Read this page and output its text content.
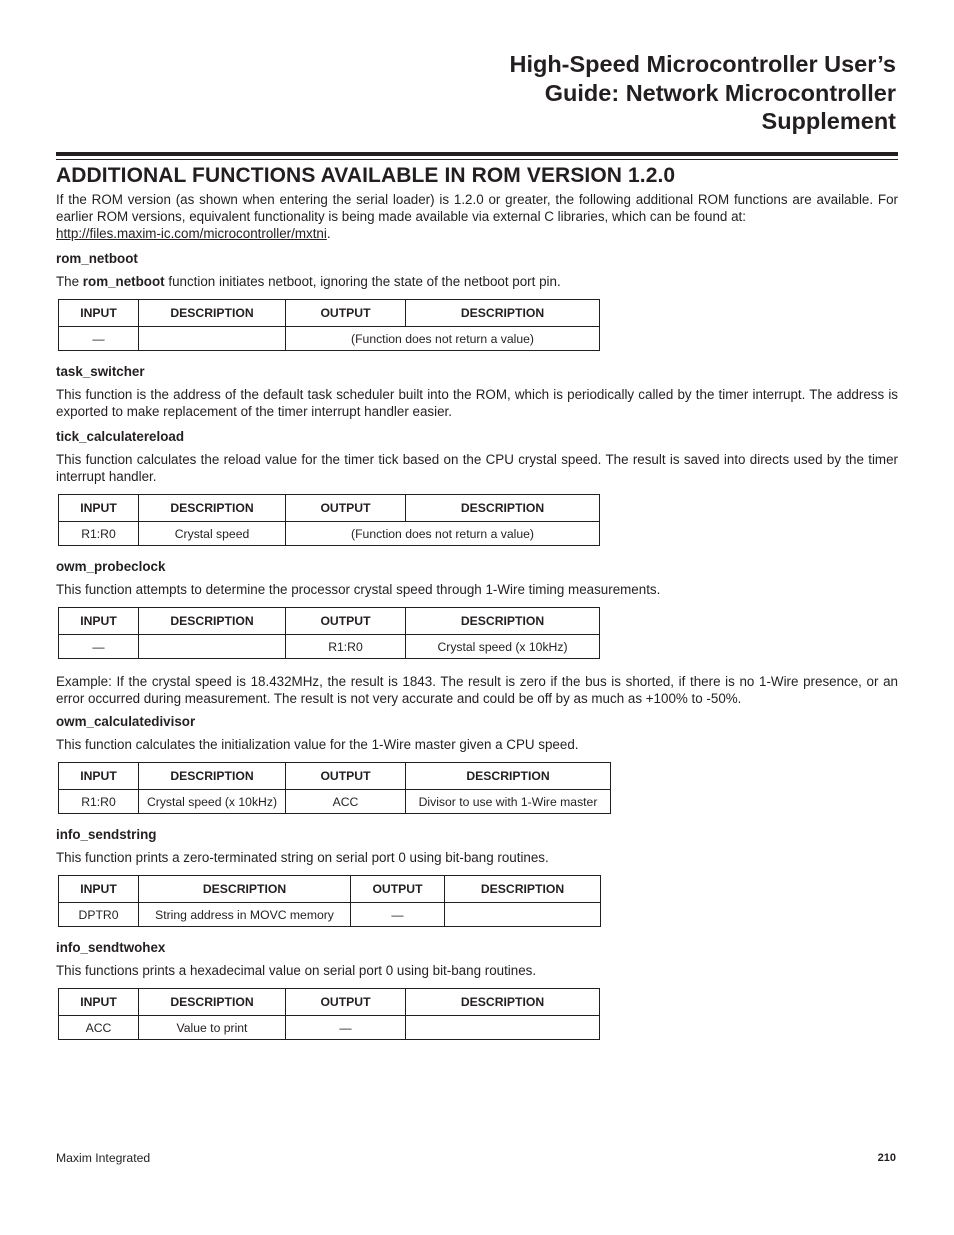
High-Speed Microcontroller User’s
Guide: Network Microcontroller
Supplement
ADDITIONAL FUNCTIONS AVAILABLE IN ROM VERSION 1.2.0

If the ROM version (as shown when entering the serial loader) is 1.2.0 or greater, the following additional ROM functions are available. For earlier ROM versions, equivalent functionality is being made available via external C libraries, which can be found at:
http://files.maxim-ic.com/microcontroller/mxtni.

rom_netboot

The rom_netboot function initiates netboot, ignoring the state of the netboot port pin.

INPUT	DESCRIPTION	OUTPUT	DESCRIPTION
—		(Function does not return a value)	
task_switcher

This function is the address of the default task scheduler built into the ROM, which is periodically called by the timer interrupt. The address is exported to make replacement of the timer interrupt handler easier.

tick_calculatereload

This function calculates the reload value for the timer tick based on the CPU crystal speed. The result is saved into directs used by the timer interrupt handler.

INPUT	DESCRIPTION	OUTPUT	DESCRIPTION
R1:R0	Crystal speed	(Function does not return a value)	
owm_probeclock

This function attempts to determine the processor crystal speed through 1-Wire timing measurements.

INPUT	DESCRIPTION	OUTPUT	DESCRIPTION
—		R1:R0	Crystal speed (x 10kHz)

Example: If the crystal speed is 18.432MHz, the result is 1843. The result is zero if the bus is shorted, if there is no 1-Wire presence, or an error occurred during measurement. The result is not very accurate and could be off by as much as +100% to -50%.

owm_calculatedivisor

This function calculates the initialization value for the 1-Wire master given a CPU speed.

INPUT	DESCRIPTION	OUTPUT	DESCRIPTION
R1:R0	Crystal speed (x 10kHz)	ACC	Divisor to use with 1-Wire master
info_sendstring

This function prints a zero-terminated string on serial port 0 using bit-bang routines.

INPUT	DESCRIPTION	OUTPUT	DESCRIPTION
DPTR0	String address in MOVC memory	—	
info_sendtwohex

This functions prints a hexadecimal value on serial port 0 using bit-bang routines.

INPUT	DESCRIPTION	OUTPUT	DESCRIPTION
ACC	Value to print	—	
Maxim Integrated	210
